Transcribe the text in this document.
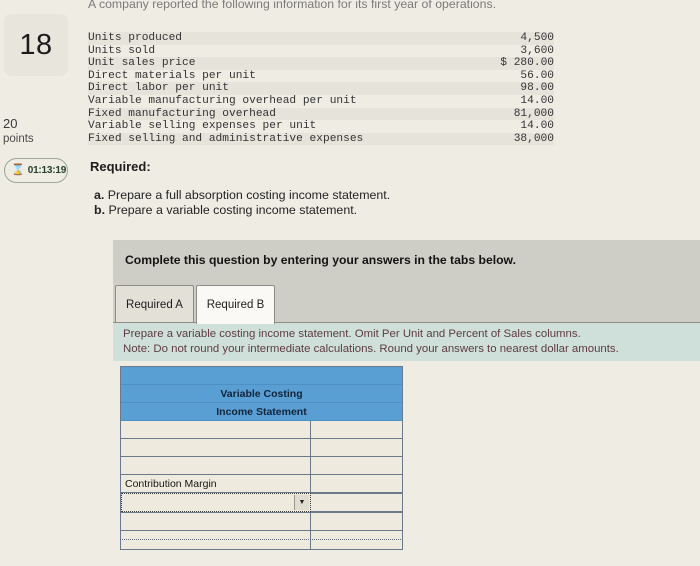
18
20
points
⌛ 01:13:19
A company reported the following information for its first year of operations.
Units produced	4,500
Units sold	3,600
Unit sales price	$ 280.00
Direct materials per unit	56.00
Direct labor per unit	98.00
Variable manufacturing overhead per unit	14.00
Fixed manufacturing overhead	81,000
Variable selling expenses per unit	14.00
Fixed selling and administrative expenses	38,000
Required:
a. Prepare a full absorption costing income statement.
b. Prepare a variable costing income statement.
Complete this question by entering your answers in the tabs below.
Required A	Required B
Prepare a variable costing income statement. Omit Per Unit and Percent of Sales columns.
Note: Do not round your intermediate calculations. Round your answers to nearest dollar amounts.
Variable Costing
Income Statement
Contribution Margin
▼
